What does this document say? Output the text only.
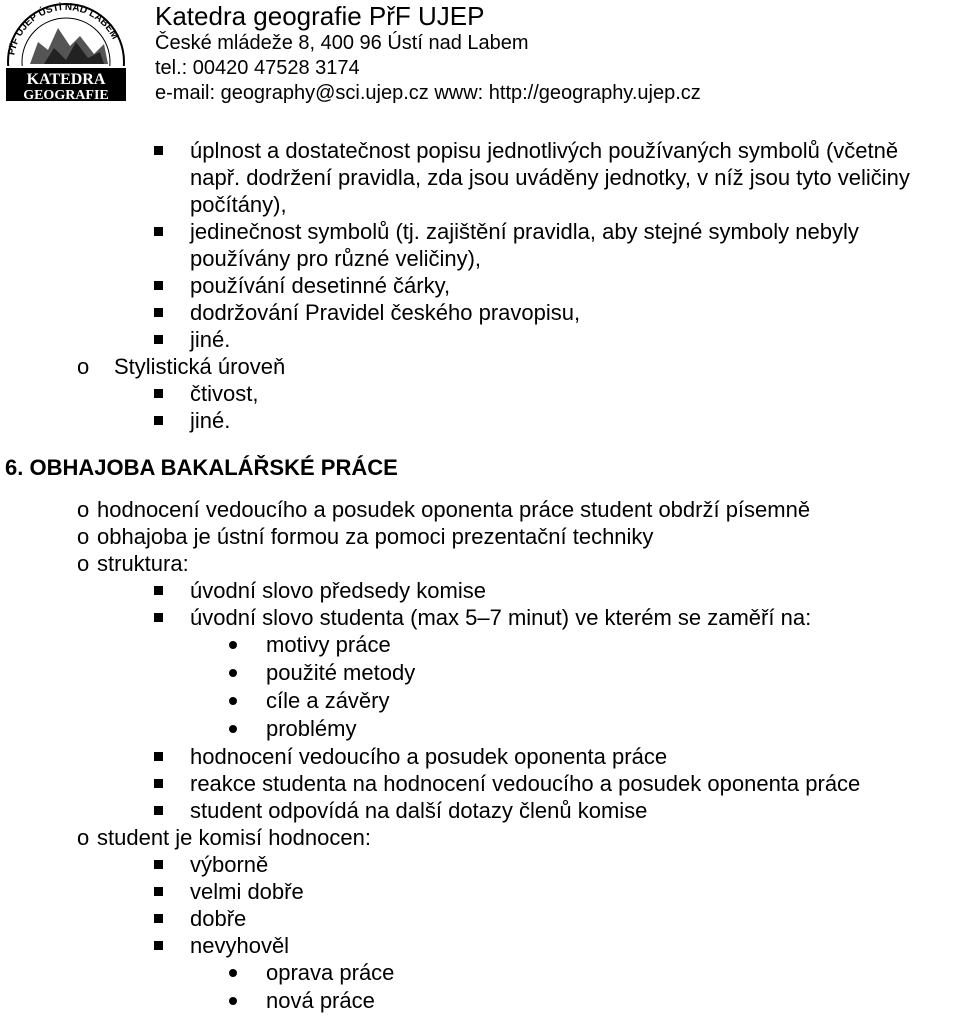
PřF UJEP ÚSTÍ NAD LABEM
KATEDRA
GEOGRAFIE
Katedra geografie PřF UJEP
České mládeže 8, 400 96 Ústí nad Labem
tel.: 00420 47528 3174
e-mail: geography@sci.ujep.cz www: http://geography.ujep.cz
úplnost a dostatečnost popisu jednotlivých používaných symbolů (včetně
např. dodržení pravidla, zda jsou uváděny jednotky, v níž jsou tyto veličiny
počítány),
jedinečnost symbolů (tj. zajištění pravidla, aby stejné symboly nebyly
používány pro různé veličiny),
používání desetinné čárky,
dodržování Pravidel českého pravopisu,
jiné.
o Stylistická úroveň
čtivost,
jiné.
6. OBHAJOBA BAKALÁŘSKÉ PRÁCE
o hodnocení vedoucího a posudek oponenta práce student obdrží písemně
o obhajoba je ústní formou za pomoci prezentační techniky
o struktura:
úvodní slovo předsedy komise
úvodní slovo studenta (max 5–7 minut) ve kterém se zaměří na:
motivy práce
použité metody
cíle a závěry
problémy
hodnocení vedoucího a posudek oponenta práce
reakce studenta na hodnocení vedoucího a posudek oponenta práce
student odpovídá na další dotazy členů komise
o student je komisí hodnocen:
výborně
velmi dobře
dobře
nevyhověl
oprava práce
nová práce
